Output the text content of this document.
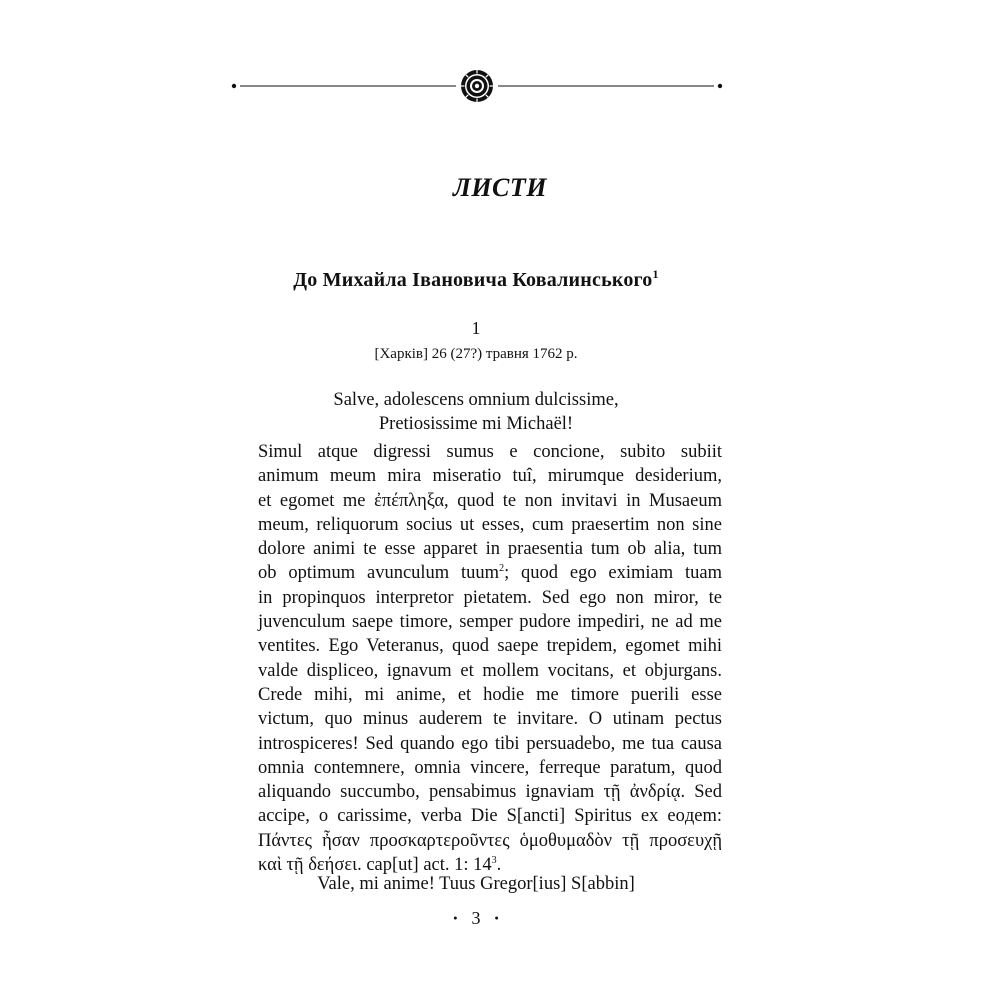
ЛИСТИ
До Михайла Івановича Ковалинського$^1$
1
[Харків] 26 (27?) травня 1762 р.
Salve, adolescens omnium dulcissime,
Pretiosissime mi Michaël!
Simul atque digressi sumus e concione, subito subiit
animum meum mira miseratio tuî, mirumque desiderium,
et egomet me ἐπέπληξα, quod te non invitavi in Musaeum
meum, reliquorum socius ut esses, cum praesertim non sine
dolore animi te esse apparet in praesentia tum ob alia, tum
ob optimum avunculum tuum$^2$; quod ego eximiam tuam
in propinquos interpretor pietatem. Sed ego non miror, te
juvenculum saepe timore, semper pudore impediri, ne ad me
ventites. Ego Veteranus, quod saepe trepidem, egomet mihi
valde displiceo, ignavum et mollem vocitans, et objurgans.
Crede mihi, mi anime, et hodie me timore puerili esse
victum, quo minus auderem te invitare. O utinam pectus
introspiceres! Sed quando ego tibi persuadebo, me tua causa
omnia contemnere, omnia vincere, ferreque paratum, quod
aliquando succumbo, pensabimus ignaviam τῇ ἀνδρίᾳ. Sed
accipe, o carissime, verba Die S[ancti] Spiritus ex eoдem:
Πάντες ἦσαν προσκαρτεροῦντες ὁμοθυμαδὸν τῇ προσευχῇ
καὶ τῇ δεήσει. cap[ut] act. 1: $14^3$.
Vale, mi anime! Tuus Gregor[ius] S[abbin]
● 3 ●
